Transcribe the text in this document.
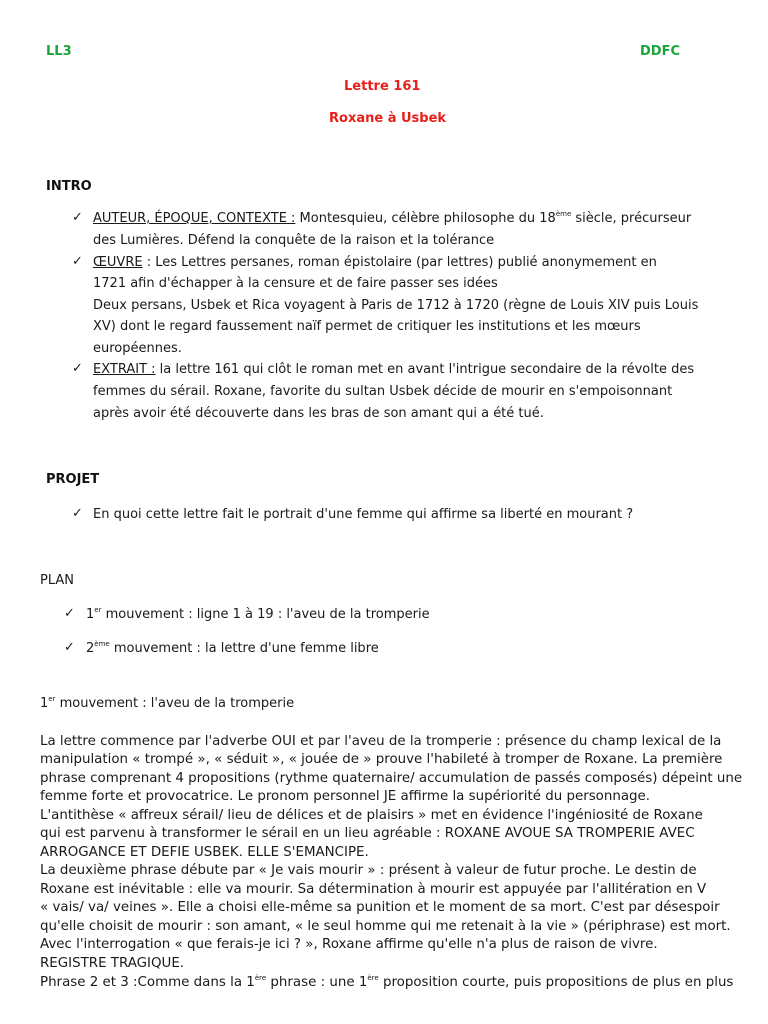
LL3	DDFC
Lettre 161
Roxane à Usbek
INTRO
✓ AUTEUR, ÉPOQUE, CONTEXTE : Montesquieu, célèbre philosophe du 18ème siècle, précurseur
des Lumières. Défend la conquête de la raison et la tolérance
✓ ŒUVRE : Les Lettres persanes, roman épistolaire (par lettres) publié anonymement en
1721 afin d'échapper à la censure et de faire passer ses idées
Deux persans, Usbek et Rica voyagent à Paris de 1712 à 1720 (règne de Louis XIV puis Louis
XV) dont le regard faussement naïf permet de critiquer les institutions et les mœurs
européennes.
✓ EXTRAIT : la lettre 161 qui clôt le roman met en avant l'intrigue secondaire de la révolte des
femmes du sérail. Roxane, favorite du sultan Usbek décide de mourir en s'empoisonnant
après avoir été découverte dans les bras de son amant qui a été tué.
PROJET
✓ En quoi cette lettre fait le portrait d'une femme qui affirme sa liberté en mourant ?
PLAN
✓ 1er mouvement : ligne 1 à 19 : l'aveu de la tromperie
✓ 2ème mouvement : la lettre d'une femme libre
1er mouvement : l'aveu de la tromperie
La lettre commence par l'adverbe OUI et par l'aveu de la tromperie : présence du champ lexical de la
manipulation « trompé », « séduit », « jouée de » prouve l'habileté à tromper de Roxane. La première
phrase comprenant 4 propositions (rythme quaternaire/ accumulation de passés composés) dépeint une
femme forte et provocatrice. Le pronom personnel JE affirme la supériorité du personnage.
L'antithèse « affreux sérail/ lieu de délices et de plaisirs » met en évidence l'ingéniosité de Roxane
qui est parvenu à transformer le sérail en un lieu agréable : ROXANE AVOUE SA TROMPERIE AVEC
ARROGANCE ET DEFIE USBEK. ELLE S'EMANCIPE.
La deuxième phrase débute par « Je vais mourir » : présent à valeur de futur proche. Le destin de
Roxane est inévitable : elle va mourir. Sa détermination à mourir est appuyée par l'allitération en V
« vais/ va/ veines ». Elle a choisi elle-même sa punition et le moment de sa mort. C'est par désespoir
qu'elle choisit de mourir : son amant, « le seul homme qui me retenait à la vie » (périphrase) est mort.
Avec l'interrogation « que ferais-je ici ? », Roxane affirme qu'elle n'a plus de raison de vivre.
REGISTRE TRAGIQUE.
Phrase 2 et 3 :Comme dans la 1ère phrase : une 1ère proposition courte, puis propositions de plus en plus
